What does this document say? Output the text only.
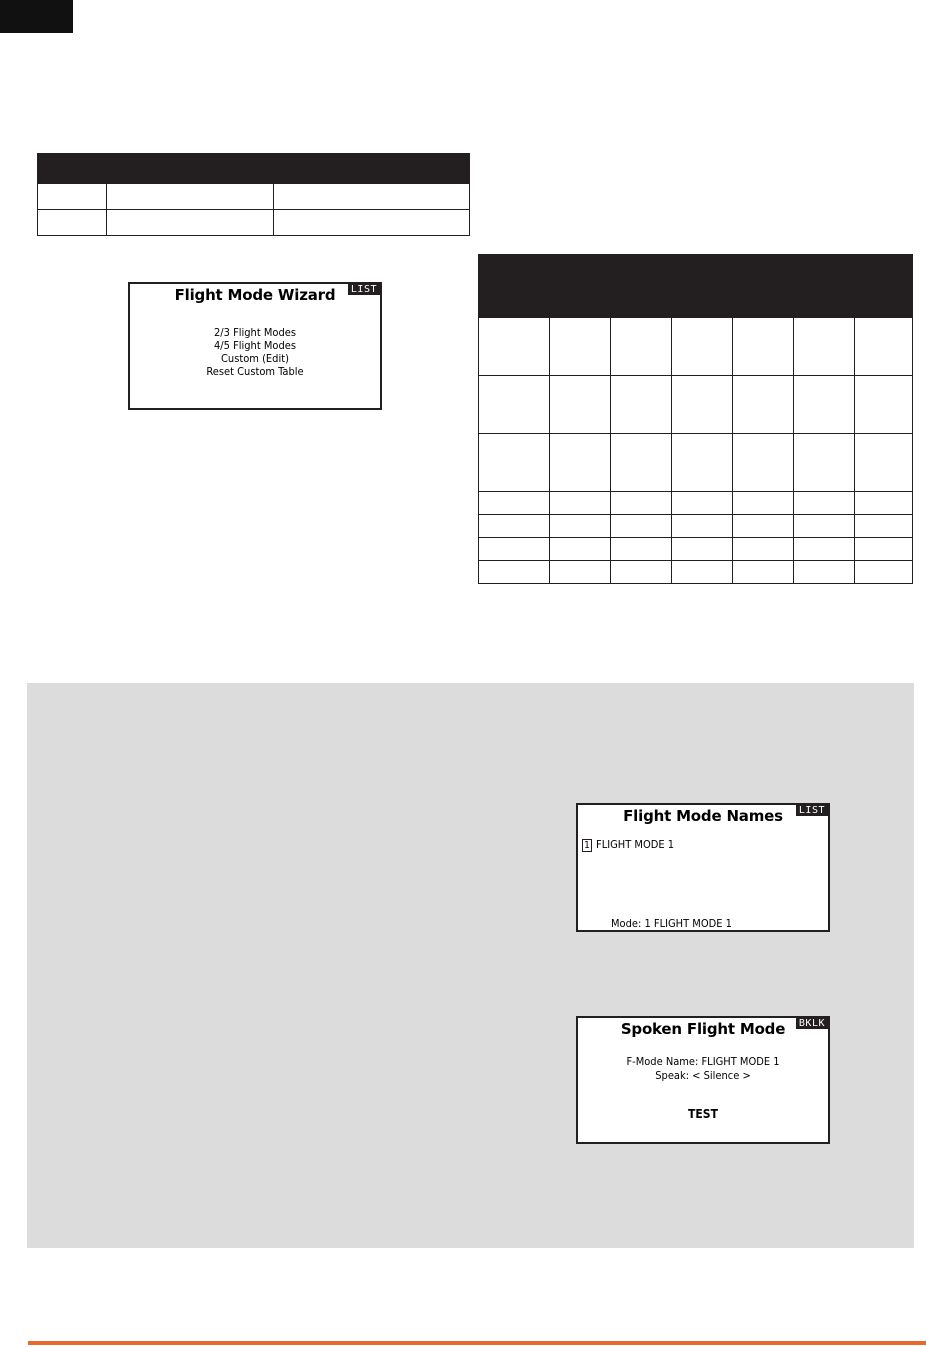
LIST
Flight Mode Wizard
2/3 Flight Modes
4/5 Flight Modes
Custom (Edit)
Reset Custom Table

LIST
Flight Mode Names
1 FLIGHT MODE 1
Mode: 1 FLIGHT MODE 1
BKLK
Spoken Flight Mode
F-Mode Name: FLIGHT MODE 1
Speak: < Silence >
TEST
